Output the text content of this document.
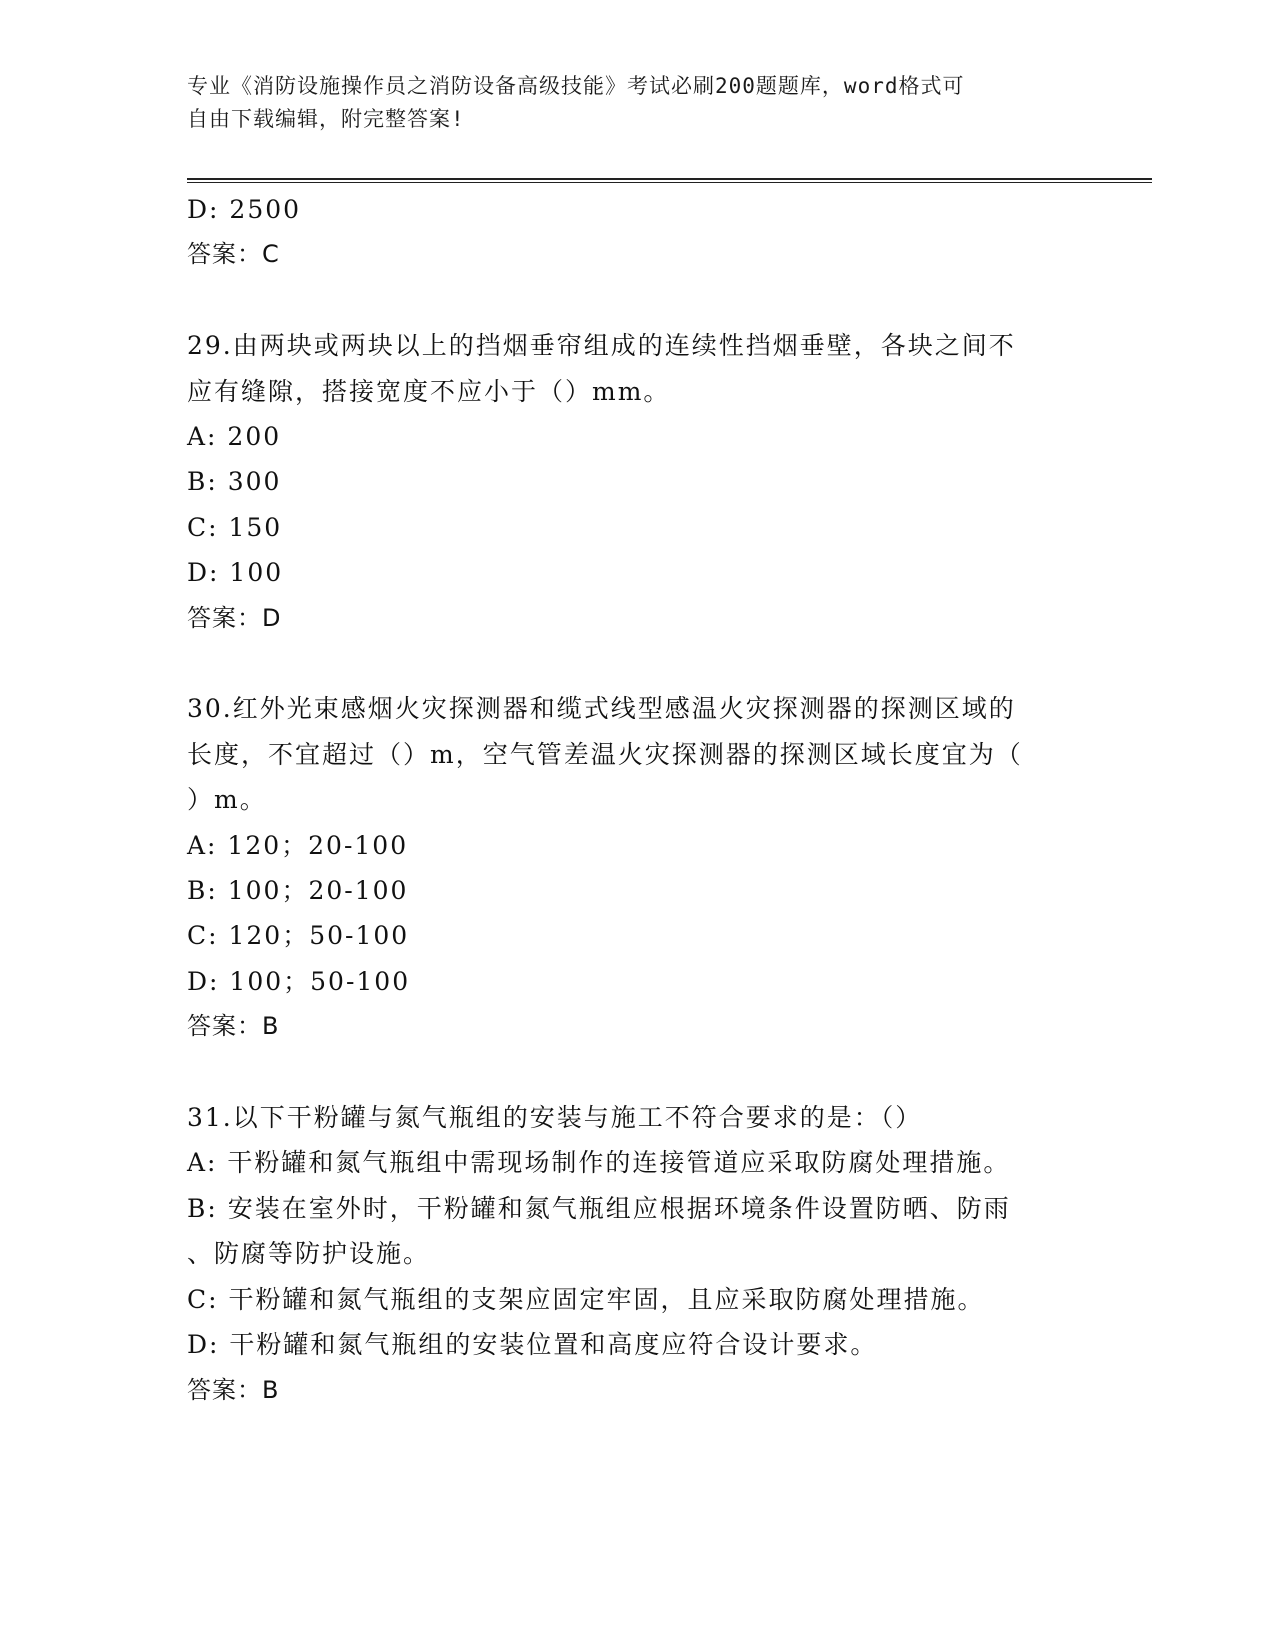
专业《消防设施操作员之消防设备高级技能》考试必刷200题题库，word格式可
自由下载编辑，附完整答案!
D: 2500
答案：C
29.由两块或两块以上的挡烟垂帘组成的连续性挡烟垂壁，各块之间不
应有缝隙，搭接宽度不应小于（）mm。
A: 200
B: 300
C: 150
D: 100
答案：D
30.红外光束感烟火灾探测器和缆式线型感温火灾探测器的探测区域的
长度，不宜超过（）m，空气管差温火灾探测器的探测区域长度宜为（
）m。
A: 120；20-100
B: 100；20-100
C: 120；50-100
D: 100；50-100
答案：B
31.以下干粉罐与氮气瓶组的安装与施工不符合要求的是：（）
A: 干粉罐和氮气瓶组中需现场制作的连接管道应采取防腐处理措施。
B: 安装在室外时，干粉罐和氮气瓶组应根据环境条件设置防晒、防雨
、防腐等防护设施。
C: 干粉罐和氮气瓶组的支架应固定牢固，且应采取防腐处理措施。
D: 干粉罐和氮气瓶组的安装位置和高度应符合设计要求。
答案：B
